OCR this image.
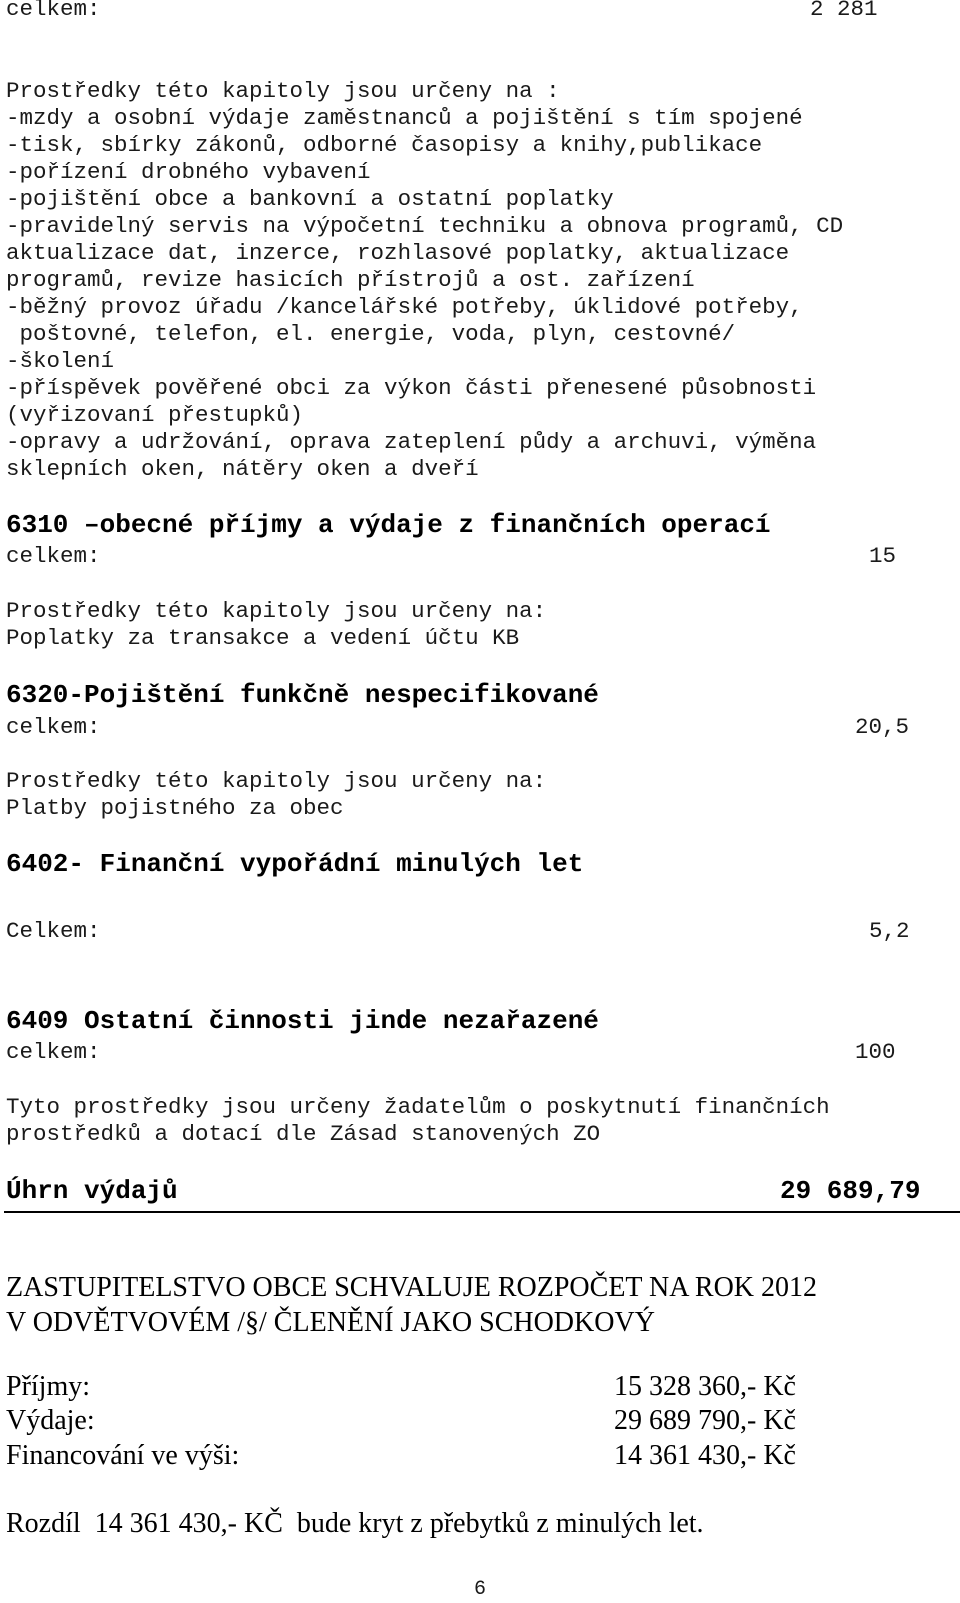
celkem:	2 281
Prostředky této kapitoly jsou určeny na :
-mzdy a osobní výdaje zaměstnanců a pojištění s tím spojené
-tisk, sbírky zákonů, odborné časopisy a knihy,publikace
-pořízení drobného vybavení
-pojištění obce a bankovní a ostatní poplatky
-pravidelný servis na výpočetní techniku a obnova programů, CD
aktualizace dat, inzerce, rozhlasové poplatky, aktualizace
programů, revize hasicích přístrojů a ost. zařízení
-běžný provoz úřadu /kancelářské potřeby, úklidové potřeby,
poštovné, telefon, el. energie, voda, plyn, cestovné/
-školení
-příspěvek pověřené obci za výkon části přenesené působnosti
(vyřizovaní přestupků)
-opravy a udržování, oprava zateplení půdy a archuvi, výměna
sklepních oken, nátěry oken a dveří
6310 –obecné příjmy a výdaje z finančních operací
celkem:	15
Prostředky této kapitoly jsou určeny na:
Poplatky za transakce a vedení účtu KB
6320-Pojištění funkčně nespecifikované
celkem:	20,5
Prostředky této kapitoly jsou určeny na:
Platby pojistného za obec
6402- Finanční vypořádní minulých let
Celkem:	5,2
6409 Ostatní činnosti jinde nezařazené
celkem:	100
Tyto prostředky jsou určeny žadatelům o poskytnutí finančních
prostředků a dotací dle Zásad stanovených ZO
Úhrn výdajů	29 689,79
ZASTUPITELSTVO OBCE SCHVALUJE ROZPOČET NA ROK 2012
V ODVĚTVOVÉM /§/ ČLENĚNÍ JAKO SCHODKOVÝ
Příjmy:	15 328 360,- Kč
Výdaje:	29 689 790,- Kč
Financování ve výši:	14 361 430,- Kč
Rozdíl  14 361 430,- KČ  bude kryt z přebytků z minulých let.
6
